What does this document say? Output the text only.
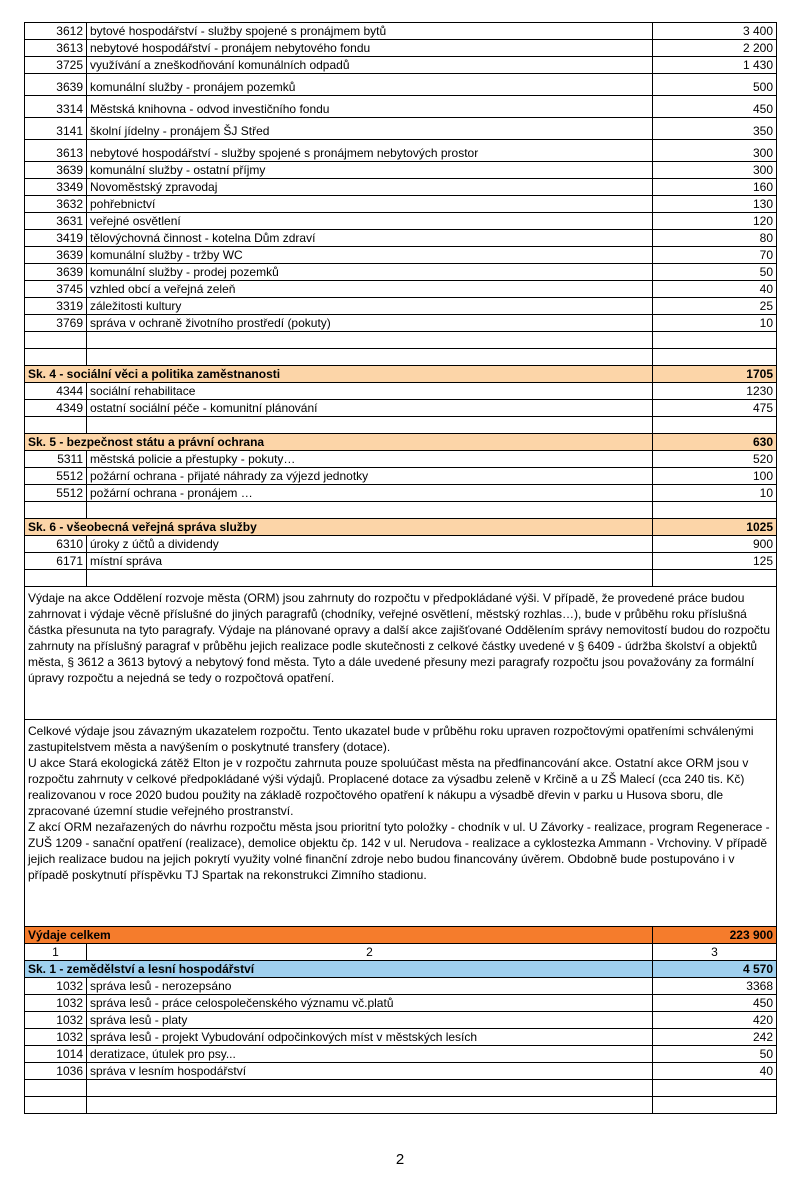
3612	bytové hospodářství - služby spojené s pronájmem bytů	3 400
3613	nebytové hospodářství - pronájem nebytového fondu	2 200
3725	využívání a zneškodňování komunálních odpadů	1 430
3639	komunální služby - pronájem pozemků	500
3314	Městská knihovna - odvod investičního fondu	450
3141	školní jídelny - pronájem ŠJ Střed	350
3613	nebytové hospodářství - služby spojené s pronájmem nebytových prostor	300
3639	komunální služby - ostatní příjmy	300
3349	Novoměstský zpravodaj	160
3632	pohřebnictví	130
3631	veřejné osvětlení	120
3419	tělovýchovná činnost - kotelna Dům zdraví	80
3639	komunální služby - tržby WC	70
3639	komunální služby - prodej pozemků	50
3745	vzhled obcí a veřejná zeleň	40
3319	záležitosti kultury	25
3769	správa v ochraně životního prostředí (pokuty)	10

Sk. 4 - sociální věci a politika zaměstnanosti		1705
4344	sociální rehabilitace	1230
4349	ostatní sociální péče - komunitní plánování	475

Sk. 5 - bezpečnost státu a právní ochrana		630
5311	městská policie a přestupky - pokuty…	520
5512	požární ochrana - přijaté náhrady za výjezd jednotky	100
5512	požární ochrana - pronájem …	10

Sk. 6 - všeobecná veřejná správa služby		1025
6310	úroky z účtů a dividendy	900
6171	místní správa	125

Výdaje na akce Oddělení rozvoje města (ORM) jsou zahrnuty do rozpočtu v předpokládané výši. V případě, že provedené práce budou zahrnovat i výdaje věcně příslušné do jiných paragrafů (chodníky, veřejné osvětlení, městský rozhlas…), bude v průběhu roku příslušná částka přesunuta na tyto paragrafy. Výdaje na plánované opravy a další akce zajišťované Oddělením správy nemovitostí budou do rozpočtu zahrnuty na příslušný paragraf v průběhu jejich realizace podle skutečnosti z celkové částky uvedené v § 6409 - údržba školství a objektů města, § 3612 a 3613 bytový a nebytový fond města. Tyto a dále uvedené přesuny mezi paragrafy rozpočtu jsou považovány za formální úpravy rozpočtu a nejedná se tedy o rozpočtová opatření.		

Celkové výdaje jsou závazným ukazatelem rozpočtu. Tento ukazatel bude v průběhu roku upraven rozpočtovými opatřeními schválenými zastupitelstvem města a navýšením o poskytnuté transfery (dotace).

U akce Stará ekologická zátěž Elton je v rozpočtu zahrnuta pouze spoluúčast města na předfinancování akce. Ostatní akce ORM jsou v rozpočtu zahrnuty v celkové předpokládané výši výdajů. Proplacené dotace za výsadbu zeleně v Krčině a u ZŠ Malecí (cca 240 tis. Kč) realizovanou v roce 2020 budou použity na základě rozpočtového opatření k nákupu a výsadbě dřevin v parku u Husova sboru, dle zpracované územní studie veřejného prostranství.

Z akcí ORM nezařazených do návrhu rozpočtu města jsou prioritní tyto položky - chodník v ul. U Závorky - realizace, program Regenerace - ZUŠ 1209 - sanační opatření (realizace), demolice objektu čp. 142 v ul. Nerudova - realizace a cyklostezka Ammann - Vrchoviny. V případě jejich realizace budou na jejich pokrytí využity volné finanční zdroje nebo budou financovány úvěrem. Obdobně bude postupováno i v případě poskytnutí příspěvku TJ Spartak na rekonstrukci Zimního stadionu.		

Výdaje celkem		223 900
1	2	3
Sk. 1 - zemědělství a lesní hospodářství		4 570
1032	správa lesů - nerozepsáno	3368
1032	správa lesů - práce celospolečenského významu vč.platů	450
1032	správa lesů - platy	420
1032	správa lesů - projekt Vybudování odpočinkových míst v městských lesích	242
1014	deratizace, útulek pro psy...	50
1036	správa v lesním hospodářství	40

2
